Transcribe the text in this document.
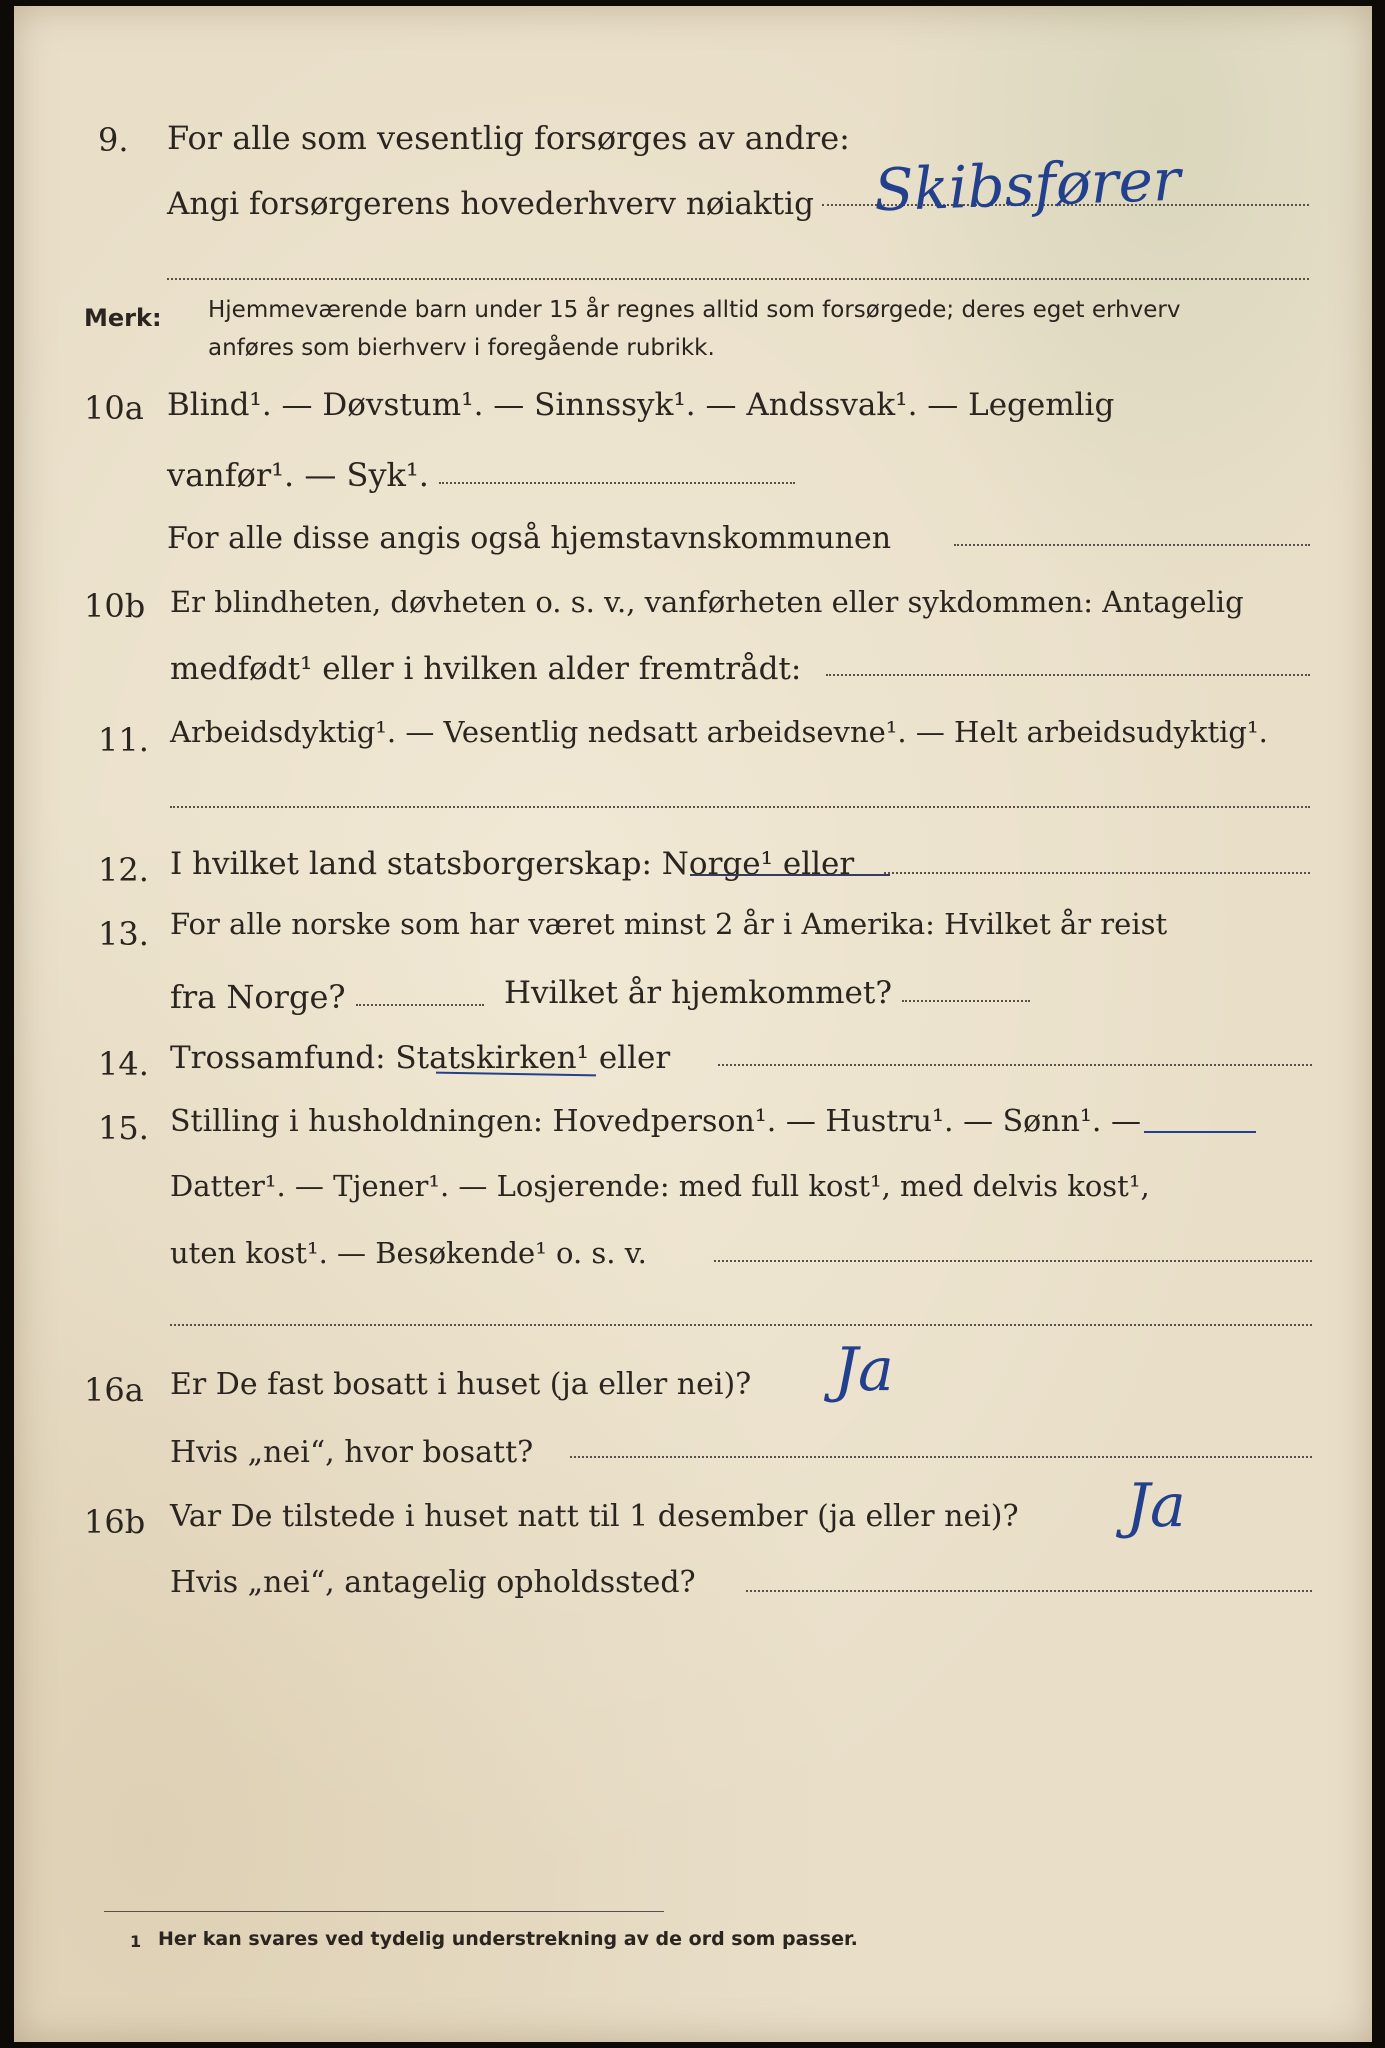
9. For alle som vesentlig forsørges av andre:
Angi forsørgerens hovederhverv nøiaktig Skibsfører
Merk: Hjemmeværende barn under 15 år regnes alltid som forsørgede; deres eget erhverv
anføres som bierhverv i foregående rubrikk.
10a Blind¹. — Døvstum¹. — Sinnssyk¹. — Andssvak¹. — Legemlig
vanfør¹. — Syk¹.
For alle disse angis også hjemstavnskommunen
10b Er blindheten, døvheten o. s. v., vanførheten eller sykdommen: Antagelig
medfødt¹ eller i hvilken alder fremtrådt:
11. Arbeidsdyktig¹. — Vesentlig nedsatt arbeidsevne¹. — Helt arbeidsudyktig¹.
12. I hvilket land statsborgerskap: Norge¹ eller
13. For alle norske som har været minst 2 år i Amerika: Hvilket år reist
fra Norge?	Hvilket år hjemkommet?
14. Trossamfund: Statskirken¹ eller
15. Stilling i husholdningen: Hovedperson¹. — Hustru¹. — Sønn¹. —
Datter¹. — Tjener¹. — Losjerende: med full kost¹, med delvis kost¹,
uten kost¹. — Besøkende¹ o. s. v.
16a Er De fast bosatt i huset (ja eller nei)? Ja
Hvis „nei“, hvor bosatt?
16b Var De tilstede i huset natt til 1 desember (ja eller nei)? Ja
Hvis „nei“, antagelig opholdssted?
1 Her kan svares ved tydelig understrekning av de ord som passer.
